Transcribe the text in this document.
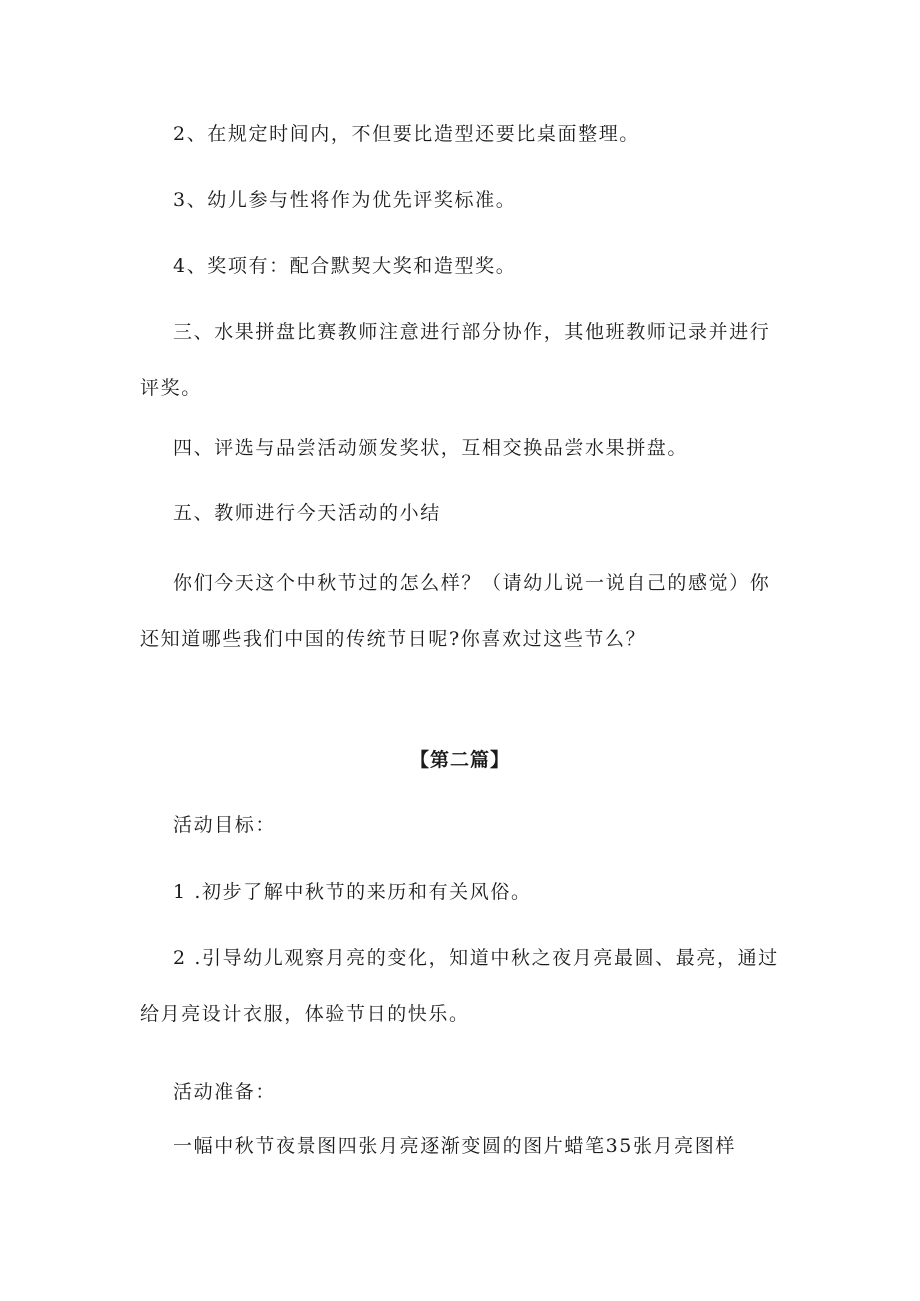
2、在规定时间内，不但要比造型还要比桌面整理。

3、幼儿参与性将作为优先评奖标准。

4、奖项有：配合默契大奖和造型奖。

三、水果拼盘比赛教师注意进行部分协作，其他班教师记录并进行评奖。

四、评选与品尝活动颁发奖状，互相交换品尝水果拼盘。

五、教师进行今天活动的小结

你们今天这个中秋节过的怎么样？（请幼儿说一说自己的感觉）你还知道哪些我们中国的传统节日呢?你喜欢过这些节么？

【第二篇】

活动目标：

1 .初步了解中秋节的来历和有关风俗。

2 .引导幼儿观察月亮的变化，知道中秋之夜月亮最圆、最亮，通过给月亮设计衣服，体验节日的快乐。

活动准备：

一幅中秋节夜景图四张月亮逐渐变圆的图片蜡笔35张月亮图样
